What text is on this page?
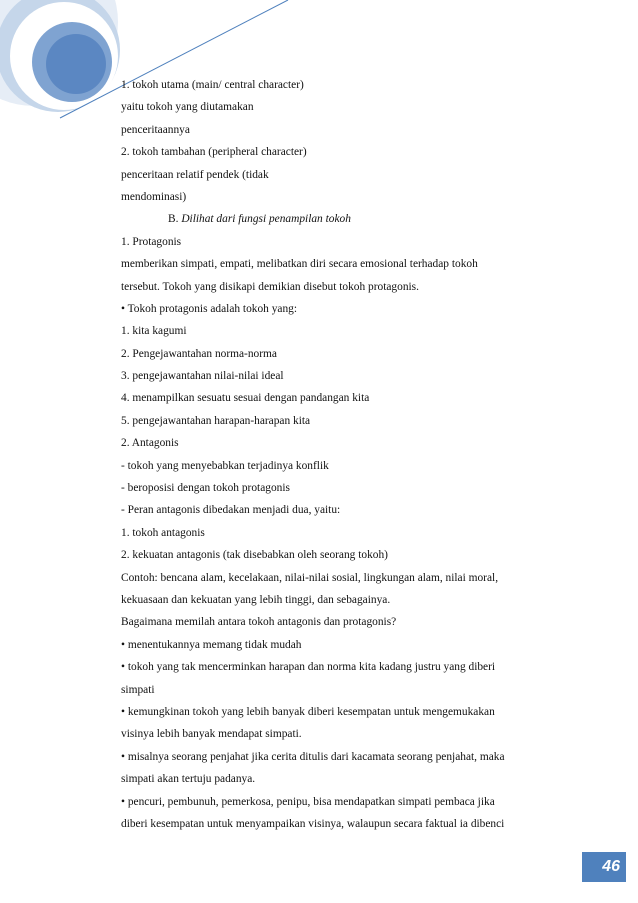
1. tokoh utama (main/ central character)
yaitu tokoh yang diutamakan
penceritaannya
2. tokoh tambahan (peripheral character)
penceritaan relatif pendek (tidak
mendominasi)
B. Dilihat dari fungsi penampilan tokoh
1. Protagonis
memberikan simpati, empati, melibatkan diri secara emosional terhadap tokoh
tersebut. Tokoh yang disikapi demikian disebut tokoh protagonis.
• Tokoh protagonis adalah tokoh yang:
1. kita kagumi
2. Pengejawantahan norma-norma
3. pengejawantahan nilai-nilai ideal
4. menampilkan sesuatu sesuai dengan pandangan kita
5. pengejawantahan harapan-harapan kita
2. Antagonis
- tokoh yang menyebabkan terjadinya konflik
- beroposisi dengan tokoh protagonis
- Peran antagonis dibedakan menjadi dua, yaitu:
1. tokoh antagonis
2. kekuatan antagonis (tak disebabkan oleh seorang tokoh)
Contoh: bencana alam, kecelakaan, nilai-nilai sosial, lingkungan alam, nilai moral,
kekuasaan dan kekuatan yang lebih tinggi, dan sebagainya.
Bagaimana memilah antara tokoh antagonis dan protagonis?
• menentukannya memang tidak mudah
• tokoh yang tak mencerminkan harapan dan norma kita kadang justru yang diberi
simpati
• kemungkinan tokoh yang lebih banyak diberi kesempatan untuk mengemukakan
visinya lebih banyak mendapat simpati.
• misalnya seorang penjahat jika cerita ditulis dari kacamata seorang penjahat, maka
simpati akan tertuju padanya.
• pencuri, pembunuh, pemerkosa, penipu, bisa mendapatkan simpati pembaca jika
diberi kesempatan untuk menyampaikan visinya, walaupun secara faktual ia dibenci
46
